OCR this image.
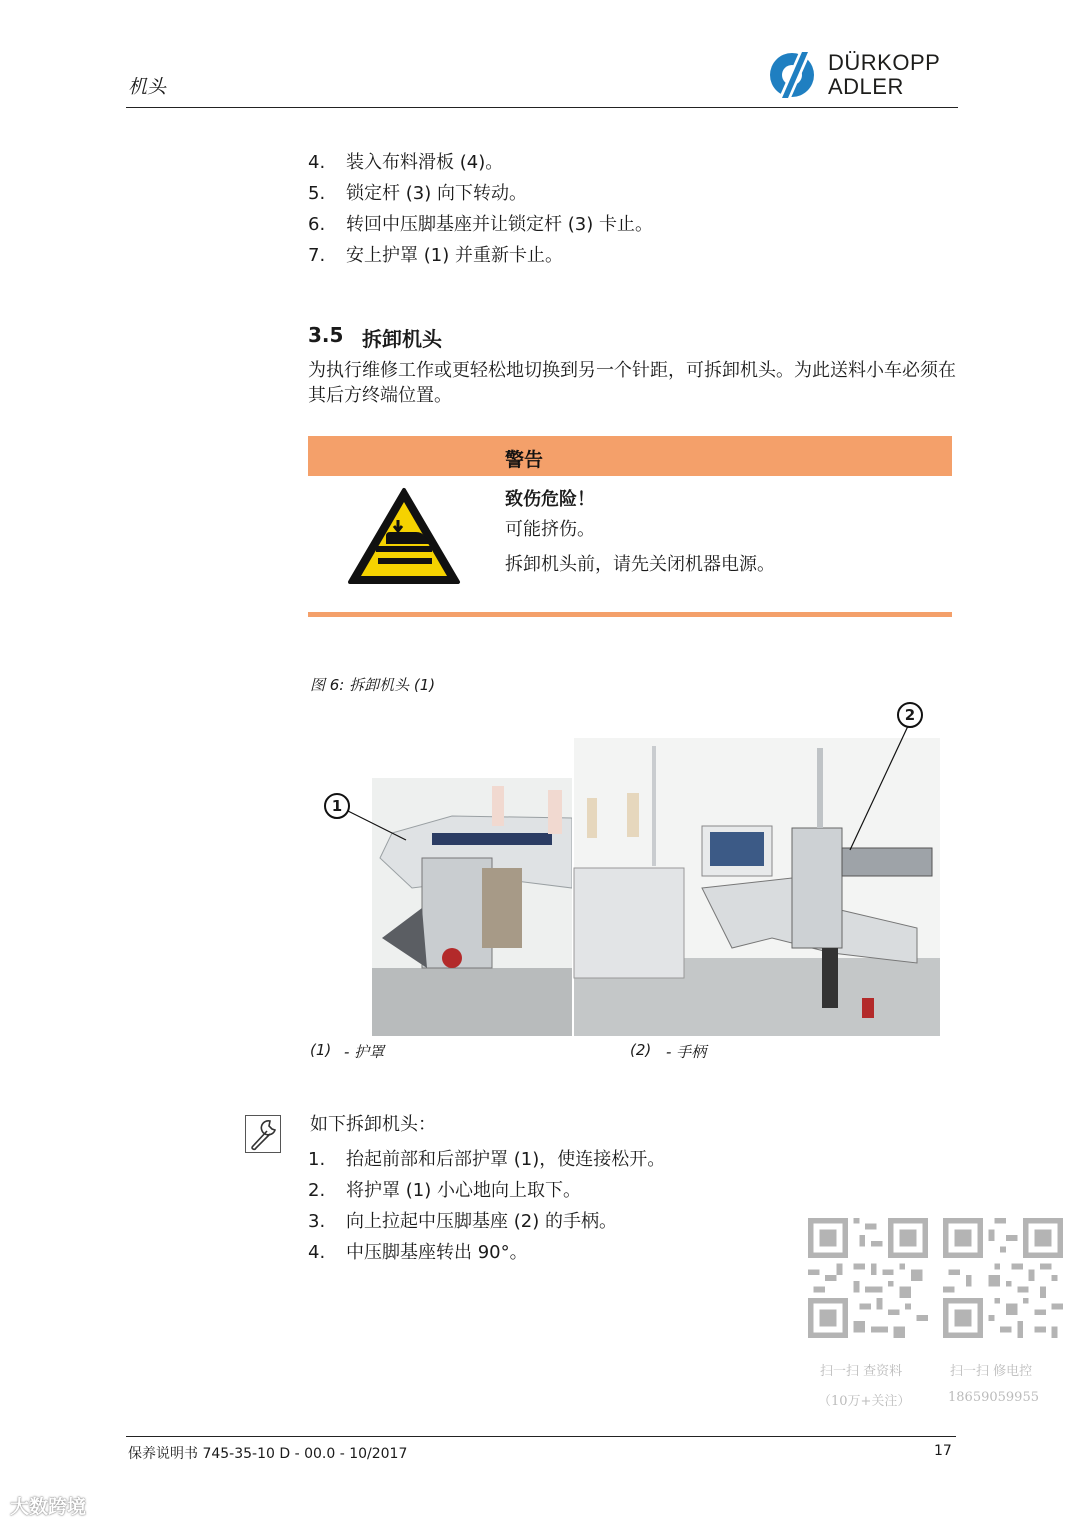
机头
DÜRKOPP
ADLER
4. 装入布料滑板 (4)。
5. 锁定杆 (3) 向下转动。
6. 转回中压脚基座并让锁定杆 (3) 卡止。
7. 安上护罩 (1) 并重新卡止。
3.5 拆卸机头
为执行维修工作或更轻松地切换到另一个针距，可拆卸机头。为此送料小车必须在其后方终端位置。
警告
致伤危险！
可能挤伤。
拆卸机头前，请先关闭机器电源。
图 6: 拆卸机头 (1)
1
2
(1) - 护罩	(2) - 手柄
如下拆卸机头：
1. 抬起前部和后部护罩 (1)，使连接松开。
2. 将护罩 (1) 小心地向上取下。
3. 向上拉起中压脚基座 (2) 的手柄。
4. 中压脚基座转出 90°。
扫一扫 查资料
（10万+关注）
扫一扫 修电控
18659059955
保养说明书 745-35-10 D - 00.0 - 10/2017	17
大数跨境
